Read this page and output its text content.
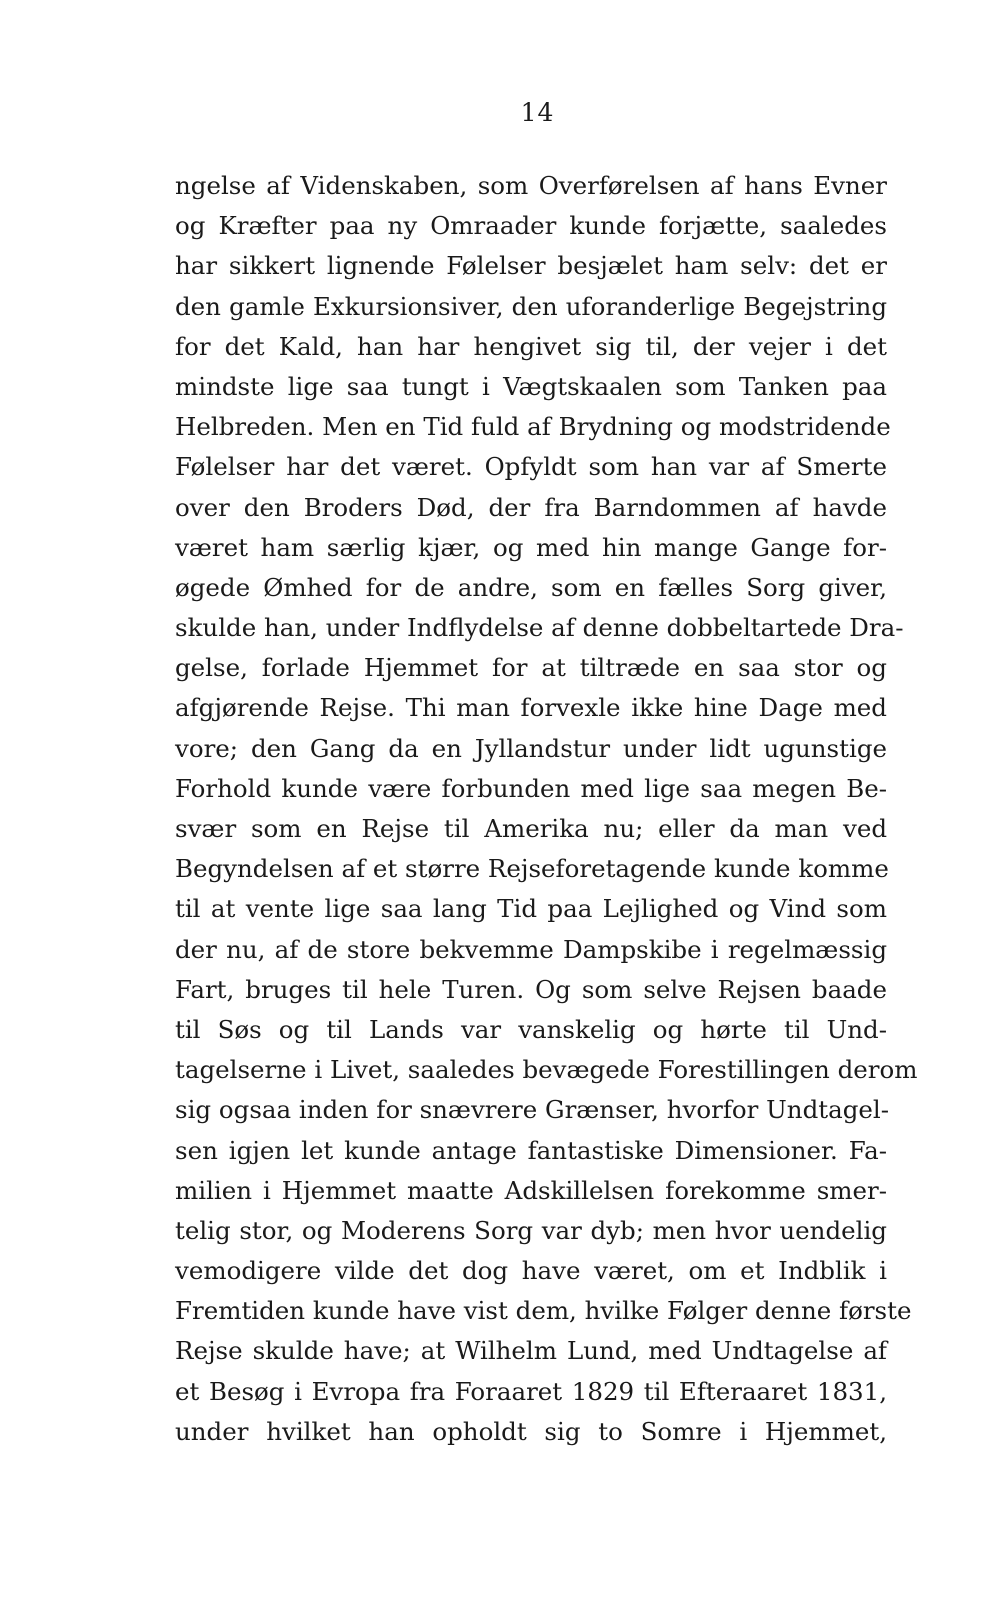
14
ngelse af Videnskaben, som Overførelsen af hans Evner
og Kræfter paa ny Omraader kunde forjætte, saaledes
har sikkert lignende Følelser besjælet ham selv: det er
den gamle Exkursionsiver, den uforanderlige Begejstring
for det Kald, han har hengivet sig til, der vejer i det
mindste lige saa tungt i Vægtskaalen som Tanken paa
Helbreden. Men en Tid fuld af Brydning og modstridende
Følelser har det været. Opfyldt som han var af Smerte
over den Broders Død, der fra Barndommen af havde
været ham særlig kjær, og med hin mange Gange for-
øgede Ømhed for de andre, som en fælles Sorg giver,
skulde han, under Indflydelse af denne dobbeltartede Dra-
gelse, forlade Hjemmet for at tiltræde en saa stor og
afgjørende Rejse. Thi man forvexle ikke hine Dage med
vore; den Gang da en Jyllandstur under lidt ugunstige
Forhold kunde være forbunden med lige saa megen Be-
svær som en Rejse til Amerika nu; eller da man ved
Begyndelsen af et større Rejseforetagende kunde komme
til at vente lige saa lang Tid paa Lejlighed og Vind som
der nu, af de store bekvemme Dampskibe i regelmæssig
Fart, bruges til hele Turen. Og som selve Rejsen baade
til Søs og til Lands var vanskelig og hørte til Und-
tagelserne i Livet, saaledes bevægede Forestillingen derom
sig ogsaa inden for snævrere Grænser, hvorfor Undtagel-
sen igjen let kunde antage fantastiske Dimensioner. Fa-
milien i Hjemmet maatte Adskillelsen forekomme smer-
telig stor, og Moderens Sorg var dyb; men hvor uendelig
vemodigere vilde det dog have været, om et Indblik i
Fremtiden kunde have vist dem, hvilke Følger denne første
Rejse skulde have; at Wilhelm Lund, med Undtagelse af
et Besøg i Evropa fra Foraaret 1829 til Efteraaret 1831,
under hvilket han opholdt sig to Somre i Hjemmet,
